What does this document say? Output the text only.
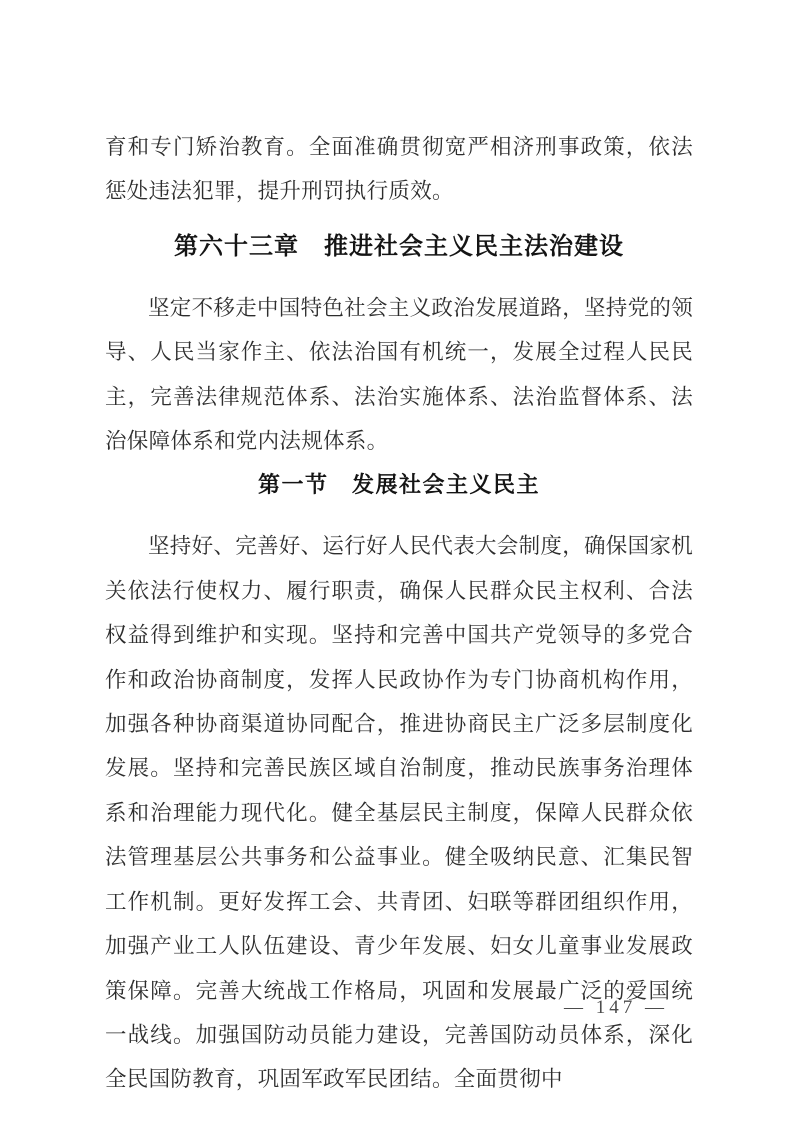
育和专门矫治教育。全面准确贯彻宽严相济刑事政策，依法惩处违法犯罪，提升刑罚执行质效。

第六十三章　推进社会主义民主法治建设

坚定不移走中国特色社会主义政治发展道路，坚持党的领导、人民当家作主、依法治国有机统一，发展全过程人民民主，完善法律规范体系、法治实施体系、法治监督体系、法治保障体系和党内法规体系。

第一节　发展社会主义民主

坚持好、完善好、运行好人民代表大会制度，确保国家机关依法行使权力、履行职责，确保人民群众民主权利、合法权益得到维护和实现。坚持和完善中国共产党领导的多党合作和政治协商制度，发挥人民政协作为专门协商机构作用，加强各种协商渠道协同配合，推进协商民主广泛多层制度化发展。坚持和完善民族区域自治制度，推动民族事务治理体系和治理能力现代化。健全基层民主制度，保障人民群众依法管理基层公共事务和公益事业。健全吸纳民意、汇集民智工作机制。更好发挥工会、共青团、妇联等群团组织作用，加强产业工人队伍建设、青少年发展、妇女儿童事业发展政策保障。完善大统战工作格局，巩固和发展最广泛的爱国统一战线。加强国防动员能力建设，完善国防动员体系，深化全民国防教育，巩固军政军民团结。全面贯彻中

— 147 —
